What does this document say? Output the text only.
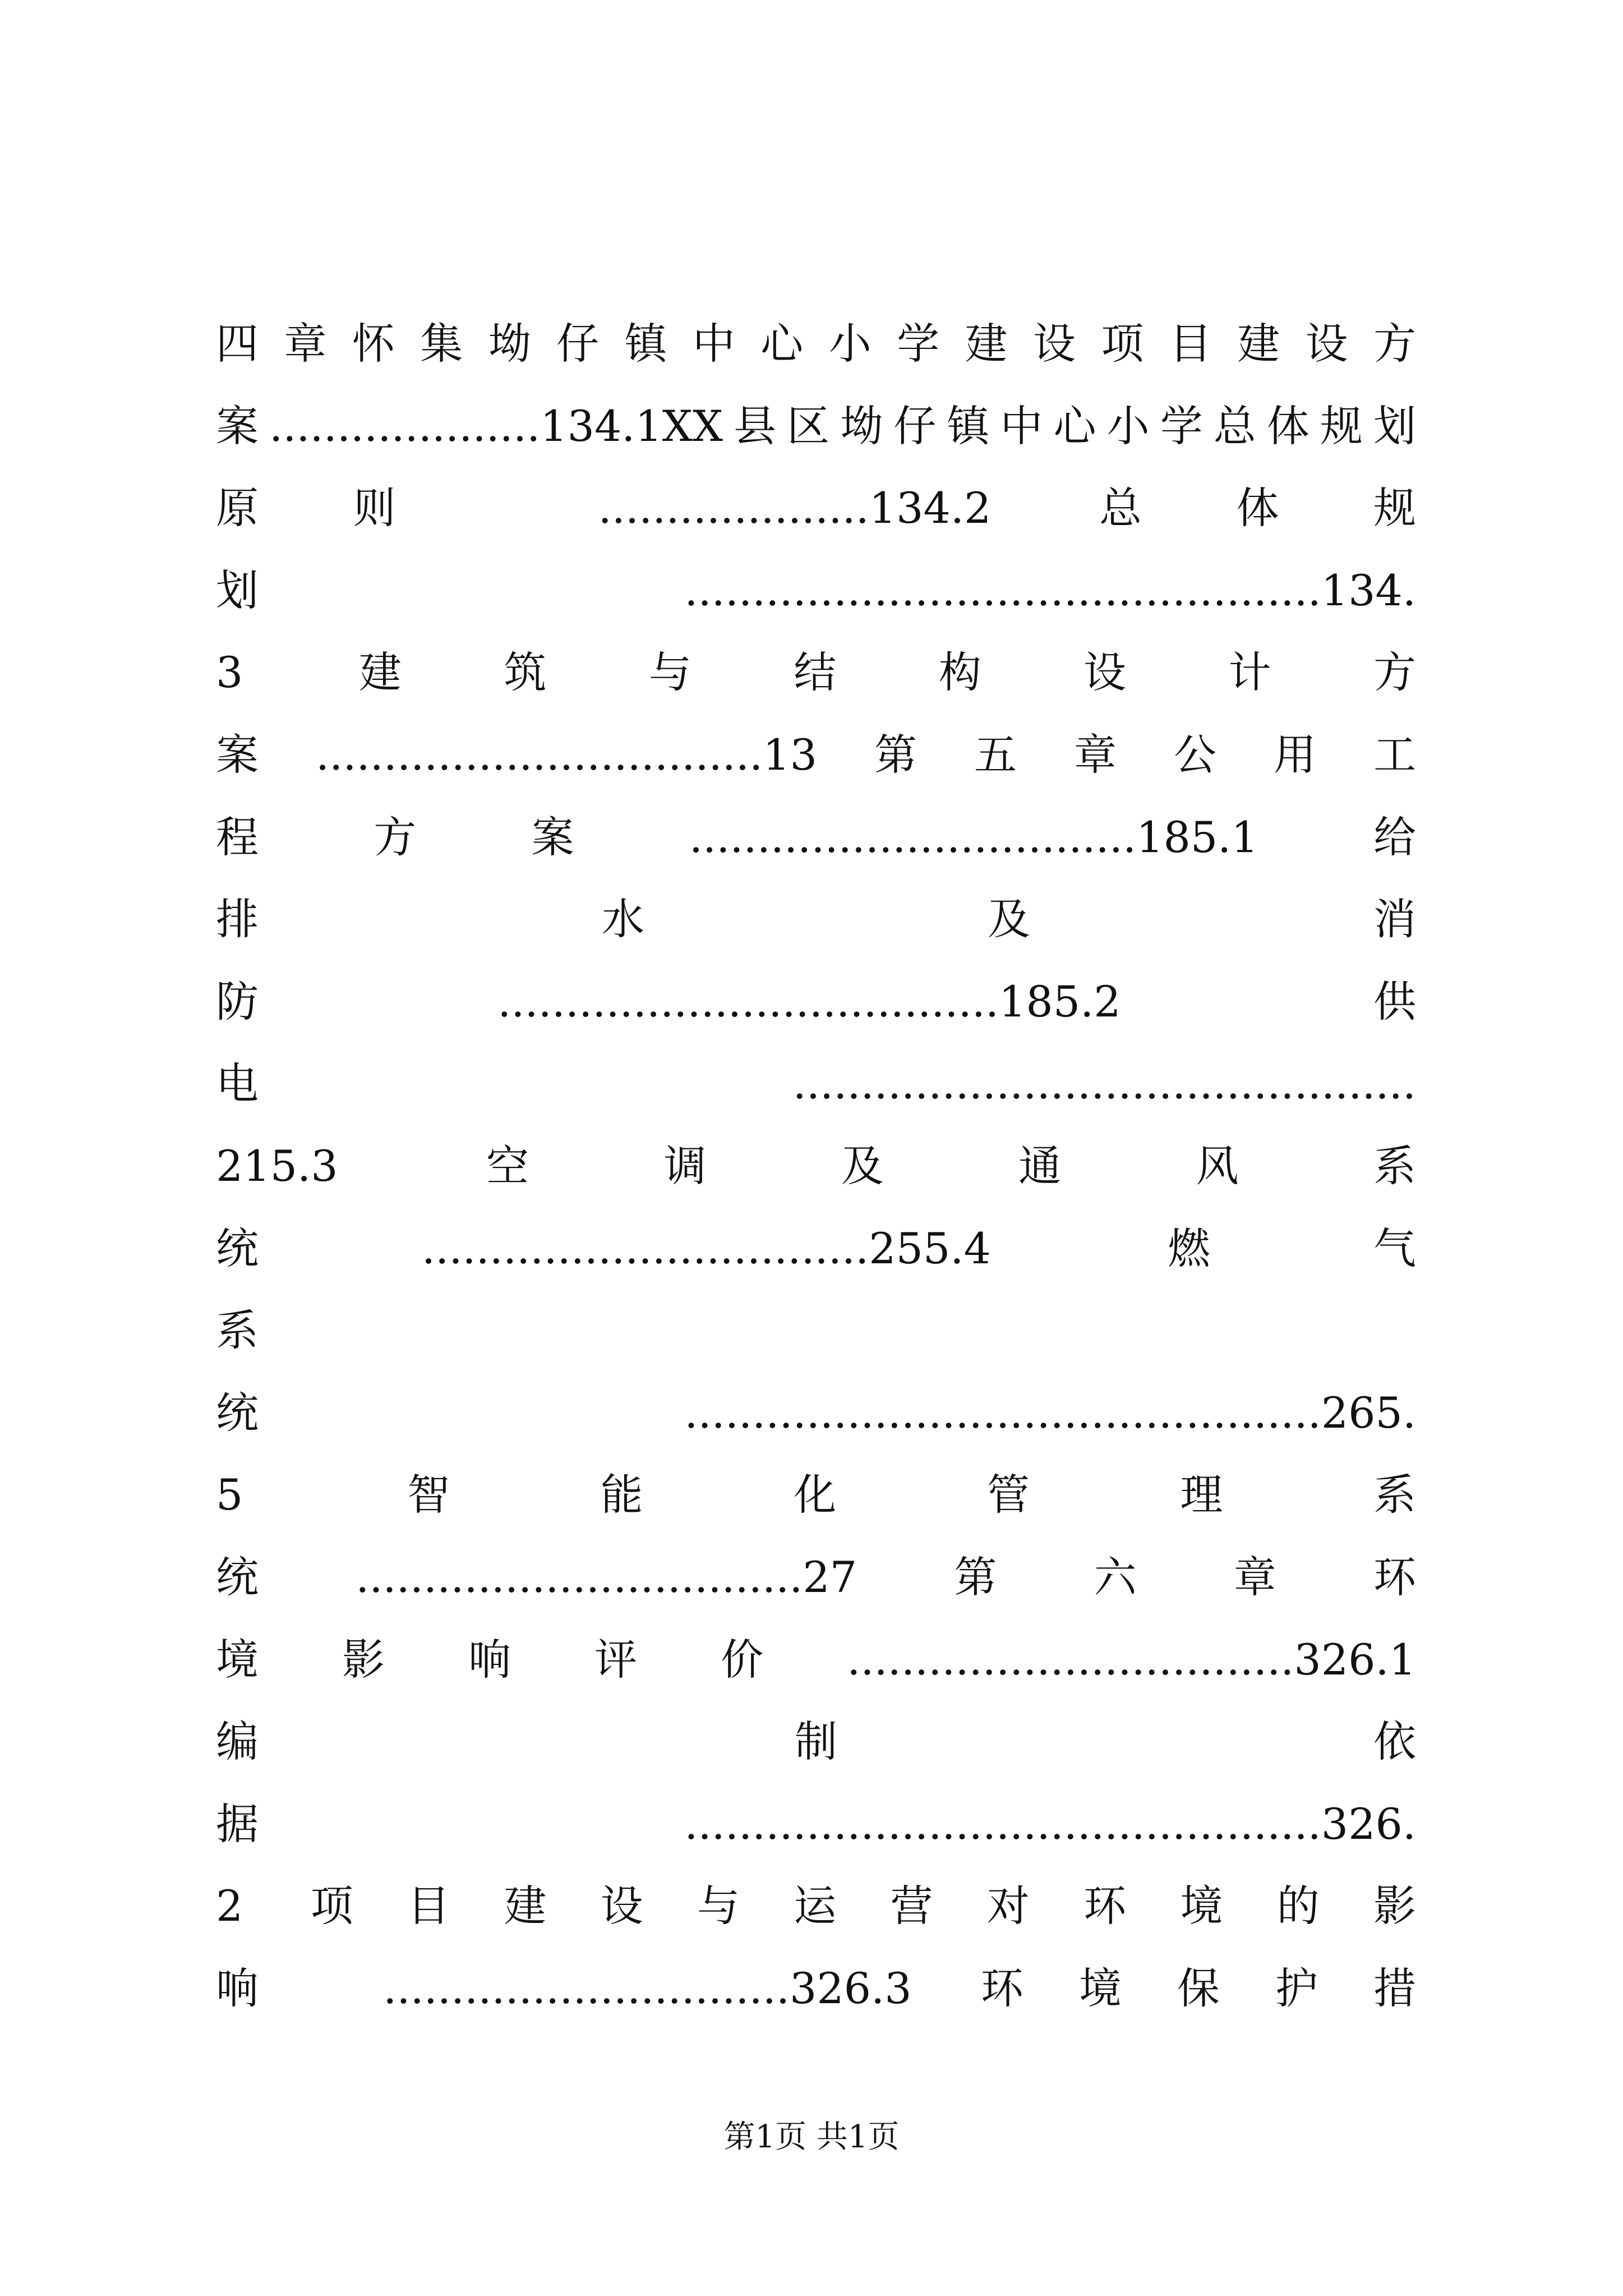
四章怀集坳仔镇中心小学建设项目建设方
案....................134.1XX县区坳仔镇中心小学总体规划
原则 ....................134.2 总体规
划...............................................134.
3 建筑与结构设计方
案.................................13第五章公用工
程方案.................................185.1给
排水及消
防.....................................185.2 供
电..............................................
215.3 空调及通风系
统.................................255.4 燃气
系
统...............................................265.
5 智能化管理系
统.................................27第六章环
境影响评价.................................326.1
编制依
据...............................................326.
2 项目建设与运营对环境的影
响 ..............................326.3 环境保护措
第1页 共1页
